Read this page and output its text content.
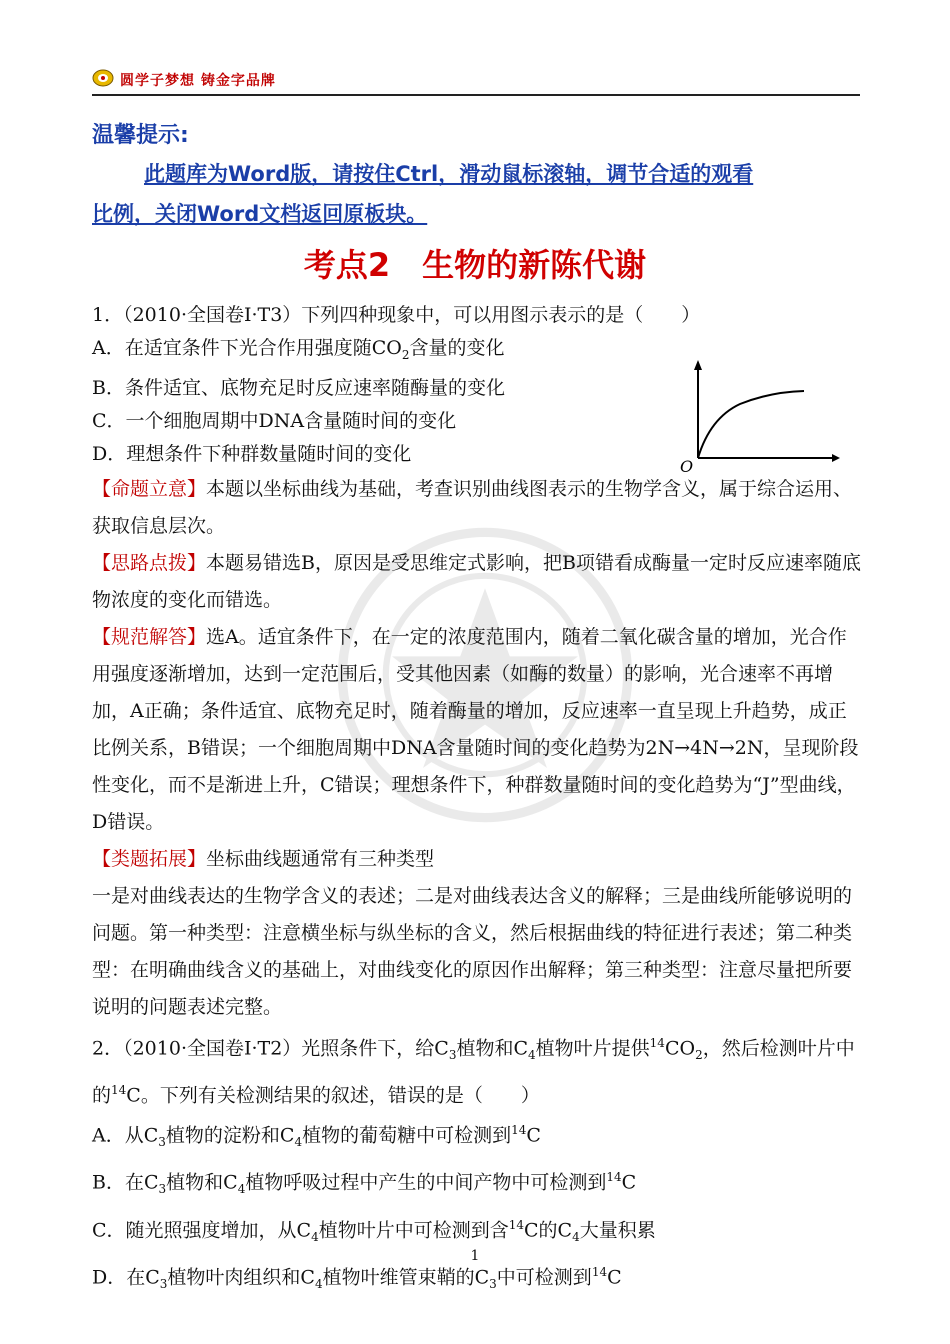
圆学子梦想 铸金字品牌
温馨提示:
此题库为Word版，请按住Ctrl，滑动鼠标滚轴，调节合适的观看
比例，关闭Word文档返回原板块。
考点2　生物的新陈代谢
O

1．（2010·全国卷Ⅰ·T3）下列四种现象中，可以用图示表示的是（　　）

A．在适宜条件下光合作用强度随$CO_2$含量的变化

B．条件适宜、底物充足时反应速率随酶量的变化

C．一个细胞周期中DNA含量随时间的变化

D．理想条件下种群数量随时间的变化

【命题立意】本题以坐标曲线为基础，考查识别曲线图表示的生物学含义，属于综合运用、获取信息层次。

【思路点拨】本题易错选B，原因是受思维定式影响，把B项错看成酶量一定时反应速率随底物浓度的变化而错选。

【规范解答】选A。适宜条件下，在一定的浓度范围内，随着二氧化碳含量的增加，光合作用强度逐渐增加，达到一定范围后，受其他因素（如酶的数量）的影响，光合速率不再增加，A正确；条件适宜、底物充足时，随着酶量的增加，反应速率一直呈现上升趋势，成正比例关系，B错误；一个细胞周期中DNA含量随时间的变化趋势为2N→4N→2N，呈现阶段性变化，而不是渐进上升，C错误；理想条件下，种群数量随时间的变化趋势为“J”型曲线，D错误。

【类题拓展】坐标曲线题通常有三种类型

一是对曲线表达的生物学含义的表述；二是对曲线表达含义的解释；三是曲线所能够说明的问题。第一种类型：注意横坐标与纵坐标的含义，然后根据曲线的特征进行表述；第二种类型：在明确曲线含义的基础上，对曲线变化的原因作出解释；第三种类型：注意尽量把所要说明的问题表述完整。

2．（2010·全国卷Ⅰ·T2）光照条件下，给$C_3$植物和$C_4$植物叶片提供$^{14}CO_2$，然后检测叶片中的$^{14}$C。下列有关检测结果的叙述，错误的是（　　）

A．从$C_3$植物的淀粉和$C_4$植物的葡萄糖中可检测到$^{14}$C

B．在$C_3$植物和$C_4$植物呼吸过程中产生的中间产物中可检测到$^{14}$C

C．随光照强度增加，从$C_4$植物叶片中可检测到含$^{14}$C的$C_4$大量积累

D．在$C_3$植物叶肉组织和$C_4$植物叶维管束鞘的$C_3$中可检测到$^{14}$C

1
